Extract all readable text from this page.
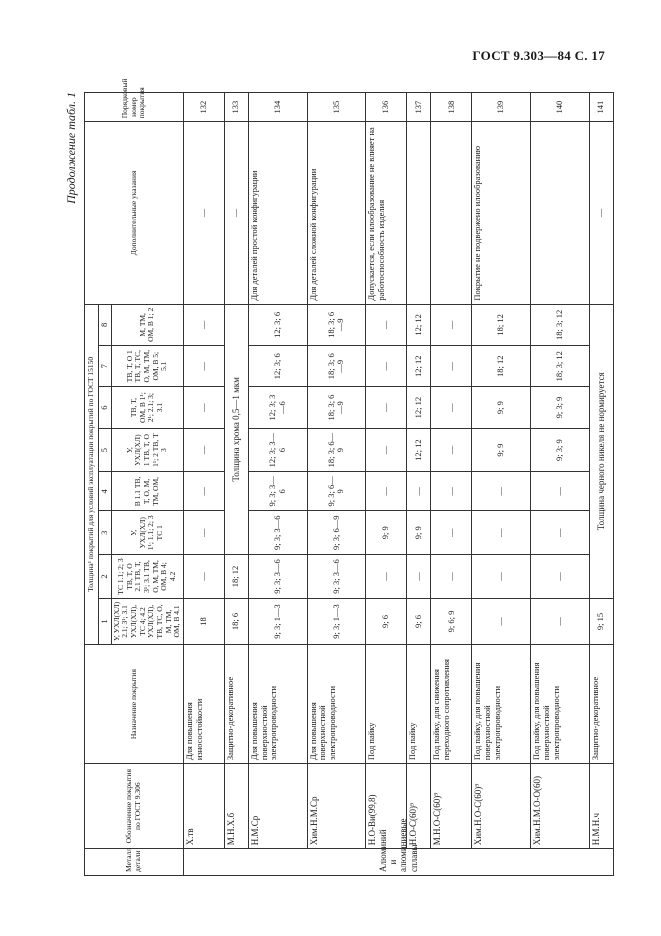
ГОСТ 9.303—84 С. 17
Продолжение табл. 1
Металл детали	Обозначение покрытия по ГОСТ 9.306	Назначение покрытия	Толщина¹ покрытий для условий эксплуатации покрытий по ГОСТ 15150								Дополнительные указания	Порядковый номер покрытия
			1	2	3	4	5	6	7	8		
			У, УХЛ(ХЛ) 2.1; 3¹; 3.1 УХЛ(ХЛ), ТС 4; 4.2 УХЛ(ХЛ), ТВ, ТС, О, М, ТМ, ОМ, В 4.1	ТС 1.1; 2; 3 ТВ, Т, О 2.1 ТВ, Т, 3¹; 3.1 ТВ, О, М, ТМ, ОМ, В 4; 4.2	У, УХЛ(ХЛ) 1¹; 1.1; 2; 3 ТС 1	В 1.1 ТВ, Т, О, М, ТМ, ОМ,	У, УХЛ(ХЛ) 1 ТВ, Т, О 1¹; 2 ТВ, Т 3	ТВ, Т, ОМ, В 1¹; 2¹; 2.1; 3; 3.1	ТВ, Т, О 1 ТВ, Т, ТС, О, М, ТМ, ОМ, В 5; 5.1	М, ТМ, ОМ, В 1; 2		
Алюминий и алюминиевые сплавы	Х.тв	Для повышения износостойкости	18	—	—	—	—	—	—	—	—	132
	М.Н.Х.б	Защитно-декоративное	18; 6	18; 12	Толщина хрома 0,5—1 мкм						—	133
	Н.М.Ср	Для повышения поверхностной электропроводности	9; 3; 1—3	9; 3; 3—6	9; 3; 3—6	9; 3; 3—6	12; 3; 3—6	12; 3; 3—6	12; 3; 6	12; 3; 6	Для деталей простой конфигурации	134
	Хим.Н.М.Ср	Для повышения поверхностной электропроводности	9; 3; 1—3	9; 3; 3—6	9; 3; 6—9	9; 3; 6—9	18; 3; 6—9	18; 3; 6—9	18; 3; 6—9	18; 3; 6—9	Для деталей сложной конфигурации	135
	Н.О-Ви(99,8)	Под пайку	9; 6	—	9; 9	—	—	—	—	—	Допускается, если илообразование не влияет на работоспособность изделия	136
	Н.О-С(60)⁹	Под пайку	9; 6	—	9; 9	—	12; 12	12; 12	12; 12	12; 12		137
	М.Н.О-С(60)⁹	Под пайку, для снижения переходного сопротивления	9; 6; 9	—	—	—	—	—	—	—		138
	Хим.Н.О-С(60)⁹	Под пайку, для повышения поверхностной электропроводности	—	—	—	—	9; 9	9; 9	18; 12	18; 12	Покрытие не подвержено илообразованию	139
	Хим.Н.М.О-О(60)	Под пайку, для повышения поверхностной электропроводности	—	—	—	—	9; 3; 9	9; 3; 9	18; 3; 12	18; 3; 12		140
	Н.М.Н.ч	Защитно-декоративное	9; 15	Толщина черного никеля не нормируется							—	141
